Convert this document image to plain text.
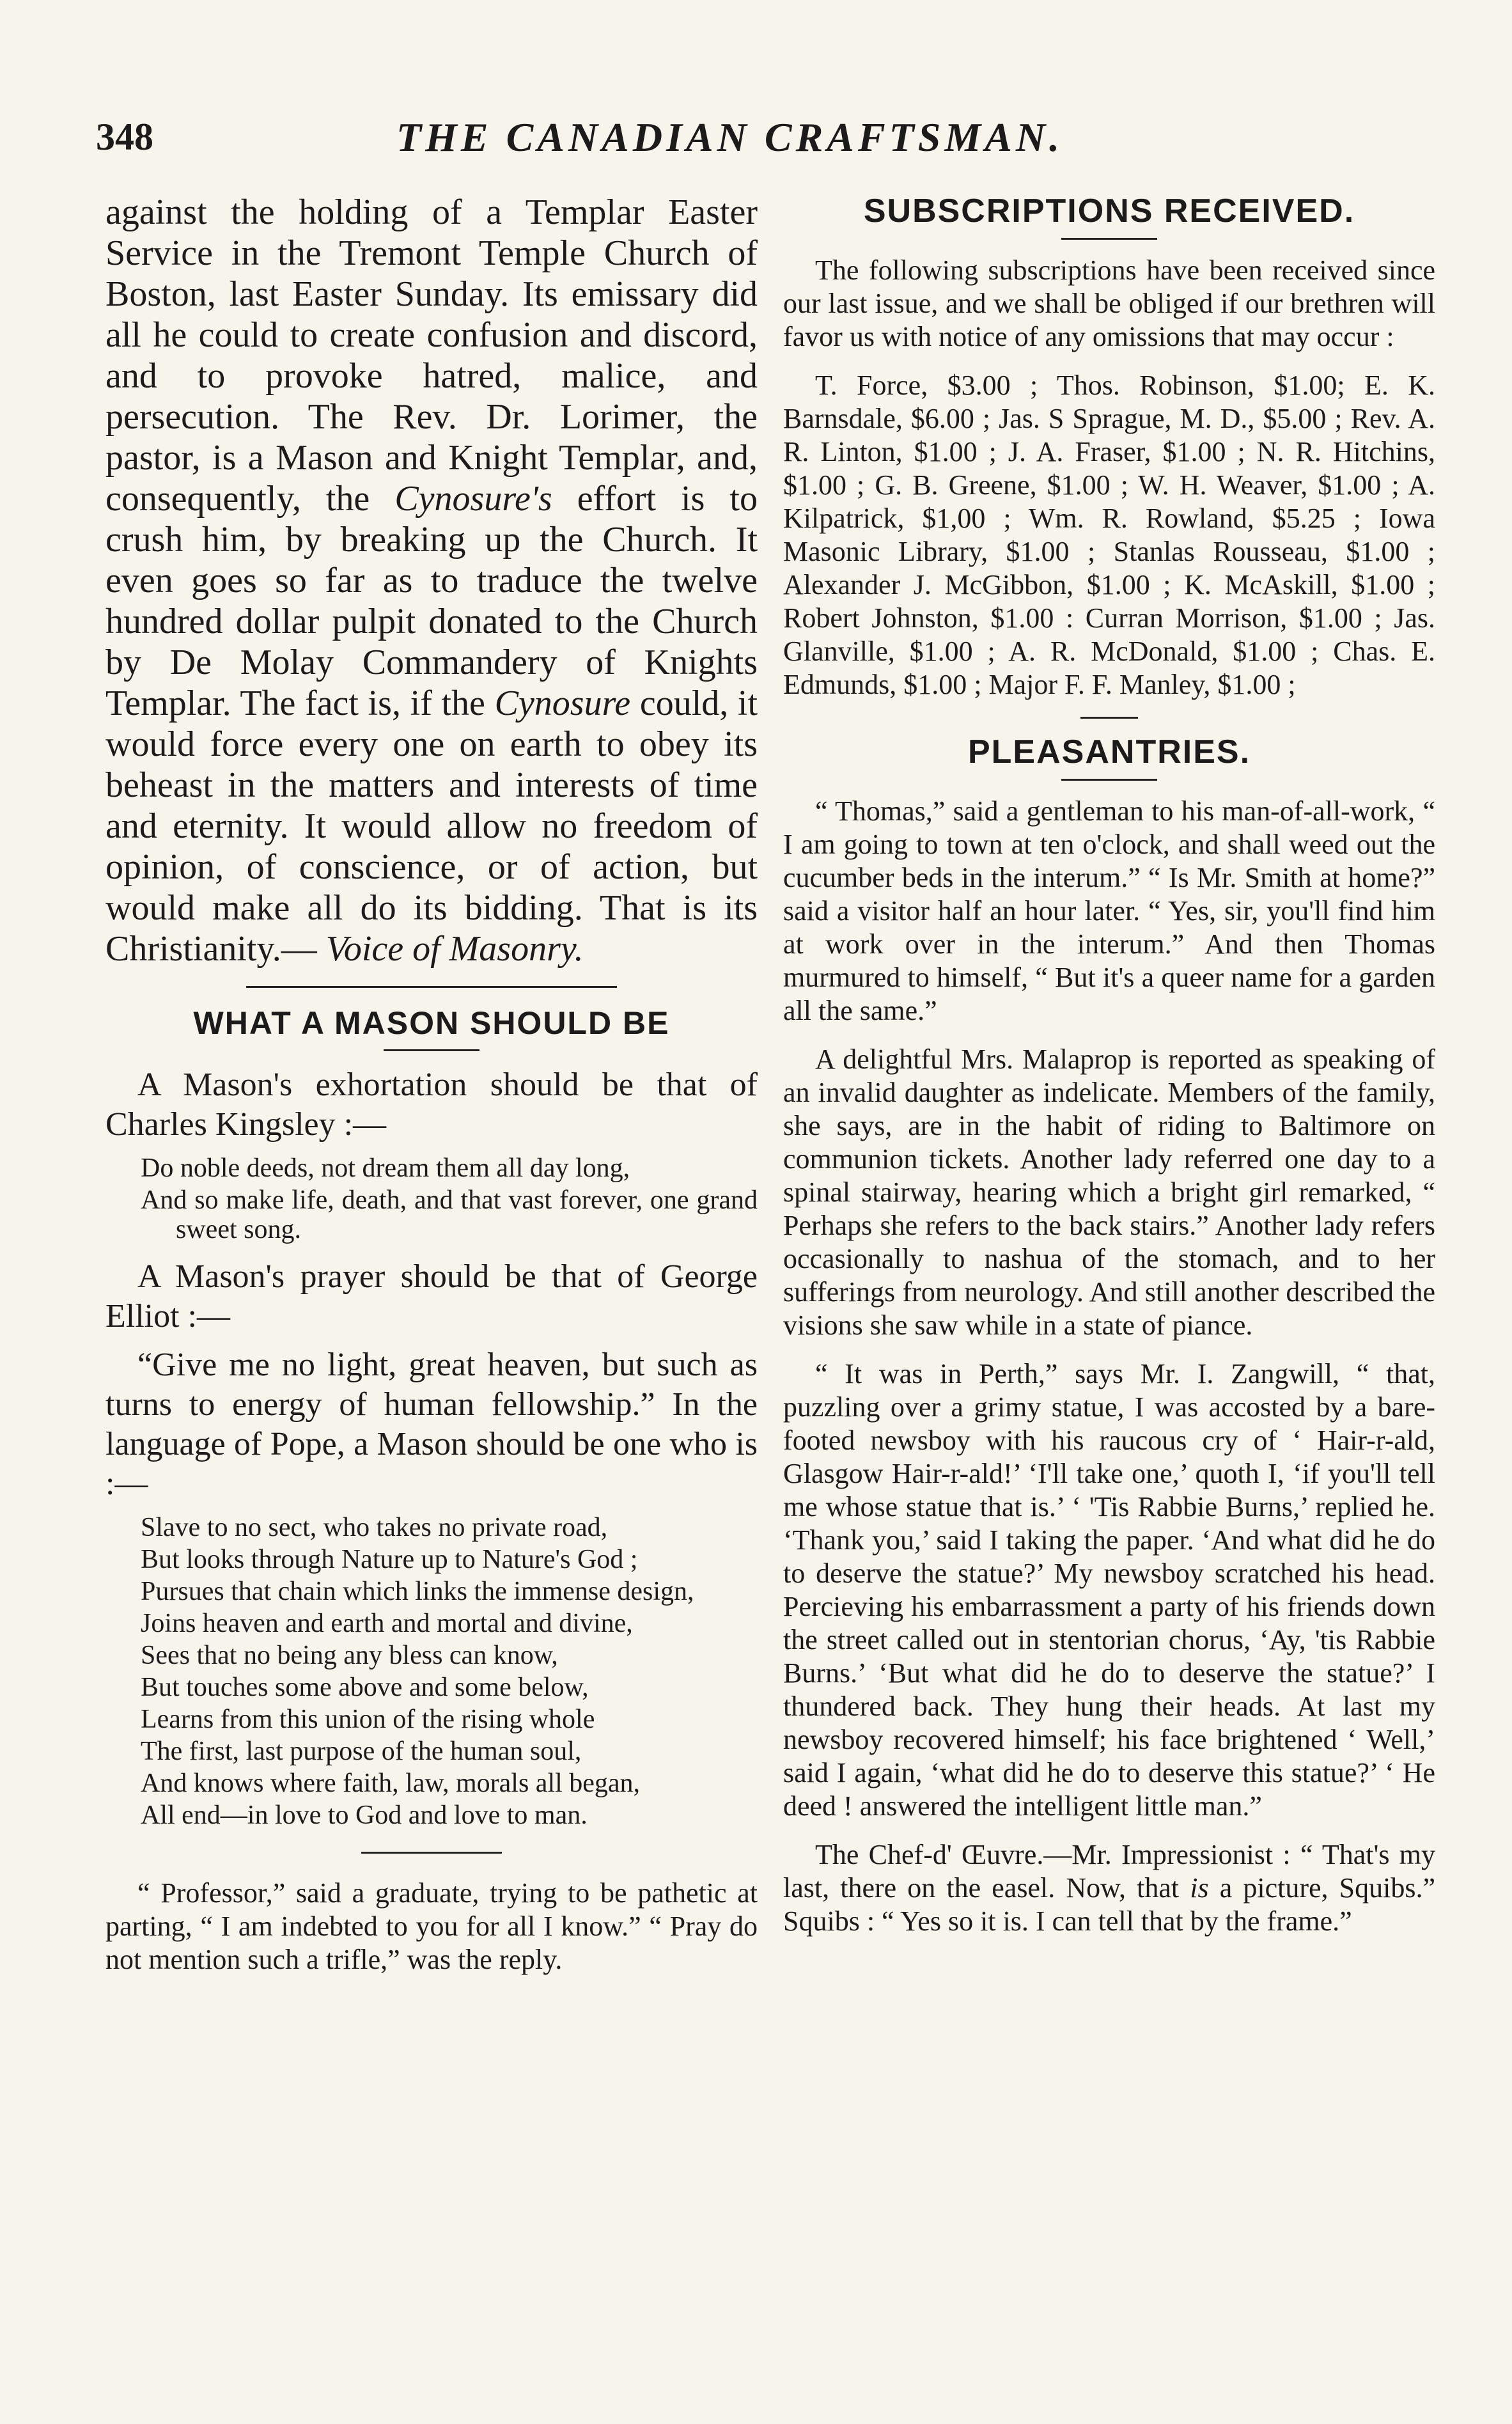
348	THE CANADIAN CRAFTSMAN.

against the holding of a Templar Easter Service in the Tremont Temple Church of Boston, last Easter Sunday. Its emissary did all he could to create confusion and discord, and to provoke hatred, malice, and persecution. The Rev. Dr. Lorimer, the pastor, is a Mason and Knight Templar, and, consequently, the Cynosure's effort is to crush him, by breaking up the Church. It even goes so far as to traduce the twelve hundred dollar pulpit donated to the Church by De Molay Commandery of Knights Templar. The fact is, if the Cynosure could, it would force every one on earth to obey its beheast in the matters and interests of time and eternity. It would allow no freedom of opinion, of conscience, or of action, but would make all do its bidding. That is its Christianity.— Voice of Masonry.

WHAT A MASON SHOULD BE

A Mason's exhortation should be that of Charles Kingsley :—

Do noble deeds, not dream them all day long,
And so make life, death, and that vast forever, one grand sweet song.

A Mason's prayer should be that of George Elliot :—

“Give me no light, great heaven, but such as turns to energy of human fellowship.” In the language of Pope, a Mason should be one who is :—

Slave to no sect, who takes no private road,
But looks through Nature up to Nature's God ;
Pursues that chain which links the immense design,
Joins heaven and earth and mortal and divine,
Sees that no being any bless can know,
But touches some above and some below,
Learns from this union of the rising whole
The first, last purpose of the human soul,
And knows where faith, law, morals all began,
All end—in love to God and love to man.

“ Professor,” said a graduate, trying to be pathetic at parting, “ I am indebted to you for all I know.” “ Pray do not mention such a trifle,” was the reply.

SUBSCRIPTIONS RECEIVED.

The following subscriptions have been received since our last issue, and we shall be obliged if our brethren will favor us with notice of any omissions that may occur :

T. Force, $3.00 ; Thos. Robinson, $1.00; E. K. Barnsdale, $6.00 ; Jas. S Sprague, M. D., $5.00 ; Rev. A. R. Linton, $1.00 ; J. A. Fraser, $1.00 ; N. R. Hitchins, $1.00 ; G. B. Greene, $1.00 ; W. H. Weaver, $1.00 ; A. Kilpatrick, $1,00 ; Wm. R. Rowland, $5.25 ; Iowa Masonic Library, $1.00 ; Stanlas Rousseau, $1.00 ; Alexander J. McGibbon, $1.00 ; K. McAskill, $1.00 ; Robert Johnston, $1.00 : Curran Morrison, $1.00 ; Jas. Glanville, $1.00 ; A. R. McDonald, $1.00 ; Chas. E. Edmunds, $1.00 ; Major F. F. Manley, $1.00 ;

PLEASANTRIES.

“ Thomas,” said a gentleman to his man-of-all-work, “ I am going to town at ten o'clock, and shall weed out the cucumber beds in the interum.” “ Is Mr. Smith at home?” said a visitor half an hour later. “ Yes, sir, you'll find him at work over in the interum.” And then Thomas murmured to himself, “ But it's a queer name for a garden all the same.”

A delightful Mrs. Malaprop is reported as speaking of an invalid daughter as indelicate. Members of the family, she says, are in the habit of riding to Baltimore on communion tickets. Another lady referred one day to a spinal stairway, hearing which a bright girl remarked, “ Perhaps she refers to the back stairs.” Another lady refers occasionally to nashua of the stomach, and to her sufferings from neurology. And still another described the visions she saw while in a state of piance.

“ It was in Perth,” says Mr. I. Zangwill, “ that, puzzling over a grimy statue, I was accosted by a bare-footed newsboy with his raucous cry of ‘ Hair-r-ald, Glasgow Hair-r-ald!’ ‘I'll take one,’ quoth I, ‘if you'll tell me whose statue that is.’ ‘ 'Tis Rabbie Burns,’ replied he. ‘Thank you,’ said I taking the paper. ‘And what did he do to deserve the statue?’ My newsboy scratched his head. Percieving his embarrassment a party of his friends down the street called out in stentorian chorus, ‘Ay, 'tis Rabbie Burns.’ ‘But what did he do to deserve the statue?’ I thundered back. They hung their heads. At last my newsboy recovered himself; his face brightened ‘ Well,’ said I again, ‘what did he do to deserve this statue?’ ‘ He deed ! answered the intelligent little man.”

The Chef-d' Œuvre.—Mr. Impressionist : “ That's my last, there on the easel. Now, that is a picture, Squibs.” Squibs : “ Yes so it is. I can tell that by the frame.”
